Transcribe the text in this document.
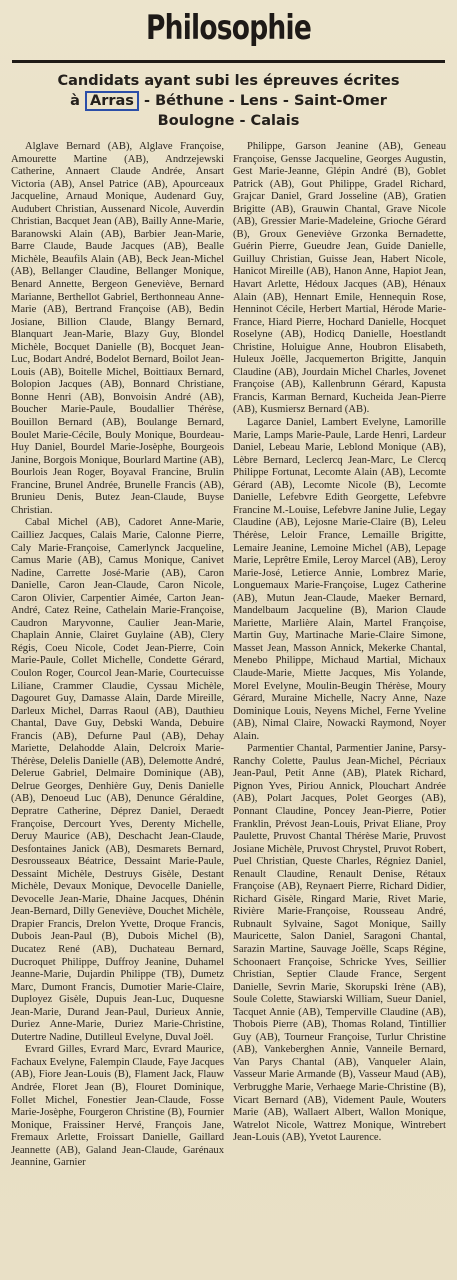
Philosophie
Candidats ayant subi les épreuves écrites
à Arras - Béthune - Lens - Saint-Omer
Boulogne - Calais

Alglave Bernard (AB), Alglave Françoise, Amourette Martine (AB), Andrzejewski Catherine, Annaert Claude Andrée, Ansart Victoria (AB), Ansel Patrice (AB), Apourceaux Jacqueline, Arnaud Monique, Audenard Guy, Audubert Christian, Aussenard Nicole, Auverdin Christian, Bacquet Jean (AB), Bailly Anne-Marie, Baranowski Alain (AB), Barbier Jean-Marie, Barre Claude, Baude Jacques (AB), Bealle Michèle, Beaufils Alain (AB), Beck Jean-Michel (AB), Bellanger Claudine, Bellanger Monique, Benard Annette, Bergeon Geneviève, Bernard Marianne, Berthellot Gabriel, Berthonneau Anne-Marie (AB), Bertrand Françoise (AB), Bedin Josiane, Billion Claude, Blangy Bernard, Blanquart Jean-Marie, Blazy Guy, Blondel Michèle, Bocquet Danielle (B), Bocquet Jean-Luc, Bodart André, Bodelot Bernard, Boilot Jean-Louis (AB), Boitelle Michel, Boittiaux Bernard, Bolopion Jacques (AB), Bonnard Christiane, Bonne Henri (AB), Bonvoisin André (AB), Boucher Marie-Paule, Boudallier Thérèse, Bouillon Bernard (AB), Boulange Bernard, Boulet Marie-Cécile, Bouly Monique, Bourdeau-Huy Daniel, Bourdel Marie-Josèphe, Bourgeois Janine, Borgois Monique, Bourlard Martine (AB), Bourlois Jean Roger, Boyaval Francine, Brulin Francine, Brunel Andrée, Brunelle Francis (AB), Brunieu Denis, Butez Jean-Claude, Buyse Christian.

Cabal Michel (AB), Cadoret Anne-Marie, Cailliez Jacques, Calais Marie, Calonne Pierre, Caly Marie-Françoise, Camerlynck Jacqueline, Camus Marie (AB), Camus Monique, Canivet Nadine, Carrette José-Marie (AB), Caron Danielle, Caron Jean-Claude, Caron Nicole, Caron Olivier, Carpentier Aimée, Carton Jean-André, Catez Reine, Cathelain Marie-Françoise, Caudron Maryvonne, Caulier Jean-Marie, Chaplain Annie, Clairet Guylaine (AB), Clery Régis, Coeu Nicole, Codet Jean-Pierre, Coin Marie-Paule, Collet Michelle, Condette Gérard, Coulon Roger, Courcol Jean-Marie, Courtecuisse Liliane, Crammer Claudie, Cyssau Michèle, Dagouret Guy, Damasse Alain, Darde Mireille, Darleux Michel, Darras Raoul (AB), Dauthieu Chantal, Dave Guy, Debski Wanda, Debuire Francis (AB), Defurne Paul (AB), Dehay Mariette, Delahodde Alain, Delcroix Marie-Thérèse, Delelis Danielle (AB), Delemotte André, Delerue Gabriel, Delmaire Dominique (AB), Delrue Georges, Denhière Guy, Denis Danielle (AB), Denoeud Luc (AB), Denunce Géraldine, Depratre Catherine, Déprez Daniel, Deraedt Françoise, Dercourt Yves, Derenty Michelle, Deruy Maurice (AB), Deschacht Jean-Claude, Desfontaines Janick (AB), Desmarets Bernard, Desrousseaux Béatrice, Dessaint Marie-Paule, Dessaint Michèle, Destruys Gisèle, Destant Michèle, Devaux Monique, Devocelle Danielle, Devocelle Jean-Marie, Dhaine Jacques, Dhénin Jean-Bernard, Dilly Geneviève, Douchet Michèle, Drapier Francis, Drelon Yvette, Droque Francis, Dubois Jean-Paul (B), Dubois Michel (B), Ducatez René (AB), Duchateau Bernard, Ducroquet Philippe, Duffroy Jeanine, Duhamel Jeanne-Marie, Dujardin Philippe (TB), Dumetz Marc, Dumont Francis, Dumotier Marie-Claire, Duployez Gisèle, Dupuis Jean-Luc, Duquesne Jean-Marie, Durand Jean-Paul, Durieux Annie, Duriez Anne-Marie, Duriez Marie-Christine, Dutertre Nadine, Dutilleul Evelyne, Duval Joël.

Evrard Gilles, Evrard Marc, Evrard Maurice, Fachaux Evelyne, Falempin Claude, Faye Jacques (AB), Fiore Jean-Louis (B), Flament Jack, Flauw Andrée, Floret Jean (B), Flouret Dominique, Follet Michel, Fonestier Jean-Claude, Fosse Marie-Josèphe, Fourgeron Christine (B), Fournier Monique, Fraissiner Hervé, François Jane, Fremaux Arlette, Froissart Danielle, Gaillard Jeannette (AB), Galand Jean-Claude, Garénaux Jeannine, Garnier

Philippe, Garson Jeanine (AB), Geneau Françoise, Gensse Jacqueline, Georges Augustin, Gest Marie-Jeanne, Glépin André (B), Goblet Patrick (AB), Gout Philippe, Gradel Richard, Grajcar Daniel, Grard Josseline (AB), Gratien Brigitte (AB), Grauwin Chantal, Grave Nicole (AB), Gressier Marie-Madeleine, Grioche Gérard (B), Groux Geneviève Grzonka Bernadette, Guérin Pierre, Gueudre Jean, Guide Danielle, Guilluy Christian, Guisse Jean, Habert Nicole, Hanicot Mireille (AB), Hanon Anne, Hapiot Jean, Havart Arlette, Hédoux Jacques (AB), Hénaux Alain (AB), Hennart Emile, Hennequin Rose, Henninot Cécile, Herbert Martial, Hérode Marie-France, Hiard Pierre, Hochard Danielle, Hocquet Roselyne (AB), Hodicq Danielle, Hoestlandt Christine, Holuigue Anne, Houbron Elisabeth, Huleux Joëlle, Jacquemerton Brigitte, Janquin Claudine (AB), Jourdain Michel Charles, Jovenet Françoise (AB), Kallenbrunn Gérard, Kapusta Francis, Karman Bernard, Kucheida Jean-Pierre (AB), Kusmiersz Bernard (AB).

Lagarce Daniel, Lambert Evelyne, Lamorille Marie, Lamps Marie-Paule, Larde Henri, Lardeur Daniel, Lebeau Marie, Leblond Monique (AB), Lèbre Bernard, Leclercq Jean-Marc, Le Clercq Philippe Fortunat, Lecomte Alain (AB), Lecomte Gérard (AB), Lecomte Nicole (B), Lecomte Danielle, Lefebvre Edith Georgette, Lefebvre Francine M.-Louise, Lefebvre Janine Julie, Legay Claudine (AB), Lejosne Marie-Claire (B), Leleu Thérèse, Leloir France, Lemaille Brigitte, Lemaire Jeanine, Lemoine Michel (AB), Lepage Marie, Leprêtre Emile, Leroy Marcel (AB), Leroy Marie-José, Letierce Annie, Lombrez Marie, Longuemaux Marie-Françoise, Lugez Catherine (AB), Mutun Jean-Claude, Maeker Bernard, Mandelbaum Jacqueline (B), Marion Claude Mariette, Marlière Alain, Martel Françoise, Martin Guy, Martinache Marie-Claire Simone, Masset Jean, Masson Annick, Mekerke Chantal, Menebo Philippe, Michaud Martial, Michaux Claude-Marie, Miette Jacques, Mis Yolande, Morel Evelyne, Moulin-Beugin Thérèse, Moury Gérard, Muraine Michelle, Nacry Anne, Naze Dominique Louis, Neyens Michel, Ferne Yveline (AB), Nimal Claire, Nowacki Raymond, Noyer Alain.

Parmentier Chantal, Parmentier Janine, Parsy-Ranchy Colette, Paulus Jean-Michel, Pécriaux Jean-Paul, Petit Anne (AB), Platek Richard, Pignon Yves, Piriou Annick, Plouchart Andrée (AB), Polart Jacques, Polet Georges (AB), Ponnant Claudine, Poncey Jean-Pierre, Potier Franklin, Prévost Jean-Louis, Privat Eliane, Proy Paulette, Pruvost Chantal Thérèse Marie, Pruvost Josiane Michèle, Pruvost Chrystel, Pruvot Robert, Puel Christian, Queste Charles, Régniez Daniel, Renault Claudine, Renault Denise, Rétaux Françoise (AB), Reynaert Pierre, Richard Didier, Richard Gisèle, Ringard Marie, Rivet Marie, Rivière Marie-Françoise, Rousseau André, Rubnault Sylvaine, Sagot Monique, Sailly Mauricette, Salon Daniel, Saragoni Chantal, Sarazin Martine, Sauvage Joëlle, Scaps Régine, Schoonaert Françoise, Schricke Yves, Seillier Christian, Septier Claude France, Sergent Danielle, Sevrin Marie, Skorupski Irène (AB), Soule Colette, Stawiarski William, Sueur Daniel, Tacquet Annie (AB), Temperville Claudine (AB), Thobois Pierre (AB), Thomas Roland, Tintillier Guy (AB), Tourneur Françoise, Turlur Christine (AB), Vankeberghen Annie, Vanneile Bernard, Van Parys Chantal (AB), Vanqueler Alain, Vasseur Marie Armande (B), Vasseur Maud (AB), Verbrugghe Marie, Verhaege Marie-Christine (B), Vicart Bernard (AB), Videment Paule, Wouters Marie (AB), Wallaert Albert, Wallon Monique, Watrelot Nicole, Wattrez Monique, Wintrebert Jean-Louis (AB), Yvetot Laurence.
